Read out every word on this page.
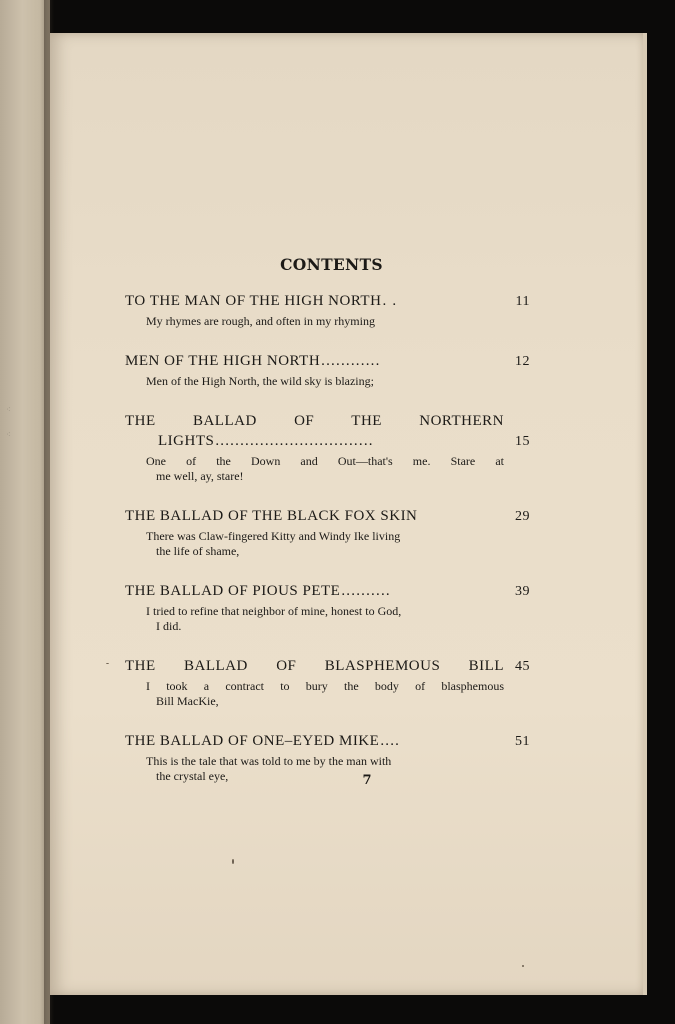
⁖
⁖
CONTENTS
TO THE MAN OF THE HIGH NORTH . .	11
My rhymes are rough, and often in my rhyming
MEN OF THE HIGH NORTH ............	12
Men of the High North, the wild sky is blazing;
THE BALLAD OF THE NORTHERN
LIGHTS ................................	15
One of the Down and Out—that's me. Stare at
me well, ay, stare!
THE BALLAD OF THE BLACK FOX SKIN	29
There was Claw-fingered Kitty and Windy Ike living
the life of shame,
THE BALLAD OF PIOUS PETE ..........	39
I tried to refine that neighbor of mine, honest to God,
I did.
THE BALLAD OF BLASPHEMOUS BILL 45
I took a contract to bury the body of blasphemous
Bill MacKie,
THE BALLAD OF ONE–EYED MIKE ....	51
This is the tale that was told to me by the man with
the crystal eye,	7
